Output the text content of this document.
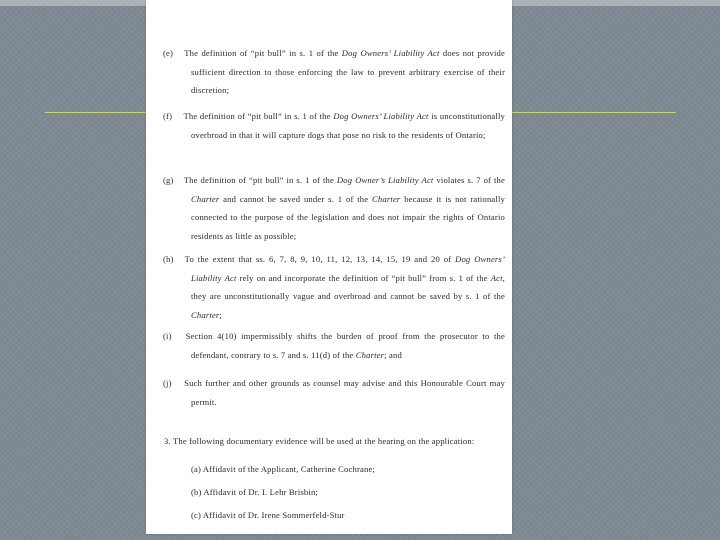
(e) The definition of “pit bull” in s. 1 of the Dog Owners’ Liability Act does not provide sufficient direction to those enforcing the law to prevent arbitrary exercise of their discretion;
(f) The definition of “pit bull” in s. 1 of the Dog Owners’ Liability Act is unconstitutionally overbroad in that it will capture dogs that pose no risk to the residents of Ontario;
(g) The definition of “pit bull” in s. 1 of the Dog Owner’s Liability Act violates s. 7 of the Charter and cannot be saved under s. 1 of the Charter because it is not rationally connected to the purpose of the legislation and does not impair the rights of Ontario residents as little as possible;
(h) To the extent that ss. 6, 7, 8, 9, 10, 11, 12, 13, 14, 15, 19 and 20 of Dog Owners’ Liability Act rely on and incorporate the definition of “pit bull” from s. 1 of the Act, they are unconstitutionally vague and overbroad and cannot be saved by s. 1 of the Charter;
(i) Section 4(10) impermissibly shifts the burden of proof from the prosecutor to the defendant, contrary to s. 7 and s. 11(d) of the Charter; and
(j) Such further and other grounds as counsel may advise and this Honourable Court may permit.
3. The following documentary evidence will be used at the hearing on the application:
(a) Affidavit of the Applicant, Catherine Cochrane;
(b) Affidavit of Dr. I. Lehr Brisbin;
(c) Affidavit of Dr. Irene Sommerfeld-Stur
